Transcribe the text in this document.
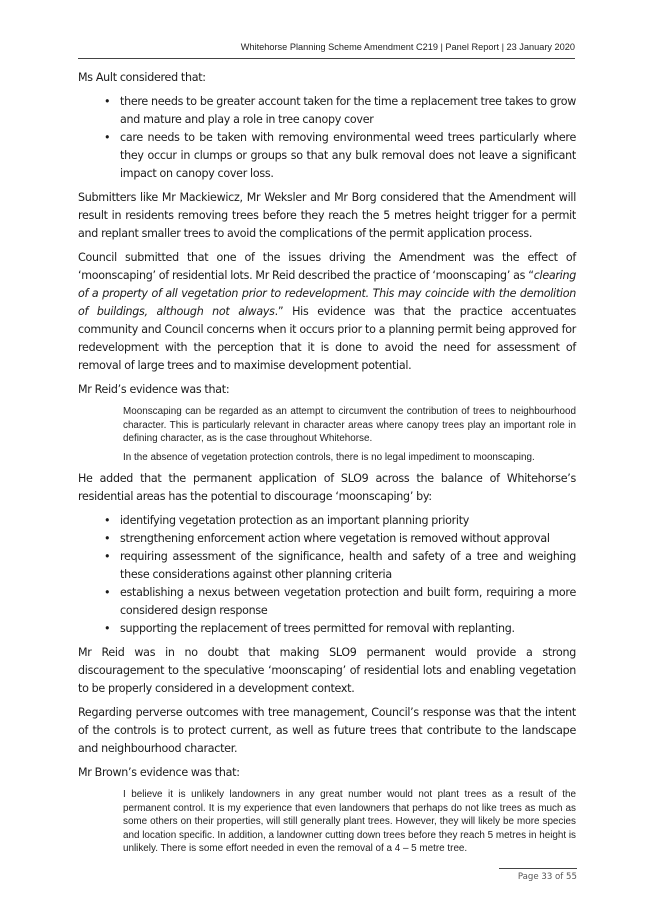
Whitehorse Planning Scheme Amendment C219 | Panel Report | 23 January 2020

Ms Ault considered that:

• there needs to be greater account taken for the time a replacement tree takes to grow and mature and play a role in tree canopy cover
• care needs to be taken with removing environmental weed trees particularly where they occur in clumps or groups so that any bulk removal does not leave a significant impact on canopy cover loss.

Submitters like Mr Mackiewicz, Mr Weksler and Mr Borg considered that the Amendment will result in residents removing trees before they reach the 5 metres height trigger for a permit and replant smaller trees to avoid the complications of the permit application process.

Council submitted that one of the issues driving the Amendment was the effect of ‘moonscaping’ of residential lots. Mr Reid described the practice of ‘moonscaping’ as “clearing of a property of all vegetation prior to redevelopment. This may coincide with the demolition of buildings, although not always.” His evidence was that the practice accentuates community and Council concerns when it occurs prior to a planning permit being approved for redevelopment with the perception that it is done to avoid the need for assessment of removal of large trees and to maximise development potential.

Mr Reid’s evidence was that:

Moonscaping can be regarded as an attempt to circumvent the contribution of trees to neighbourhood character. This is particularly relevant in character areas where canopy trees play an important role in defining character, as is the case throughout Whitehorse.
In the absence of vegetation protection controls, there is no legal impediment to moonscaping.

He added that the permanent application of SLO9 across the balance of Whitehorse’s residential areas has the potential to discourage ‘moonscaping’ by:

• identifying vegetation protection as an important planning priority
• strengthening enforcement action where vegetation is removed without approval
• requiring assessment of the significance, health and safety of a tree and weighing these considerations against other planning criteria
• establishing a nexus between vegetation protection and built form, requiring a more considered design response
• supporting the replacement of trees permitted for removal with replanting.

Mr Reid was in no doubt that making SLO9 permanent would provide a strong discouragement to the speculative ‘moonscaping’ of residential lots and enabling vegetation to be properly considered in a development context.

Regarding perverse outcomes with tree management, Council’s response was that the intent of the controls is to protect current, as well as future trees that contribute to the landscape and neighbourhood character.

Mr Brown’s evidence was that:

I believe it is unlikely landowners in any great number would not plant trees as a result of the permanent control. It is my experience that even landowners that perhaps do not like trees as much as some others on their properties, will still generally plant trees. However, they will likely be more species and location specific. In addition, a landowner cutting down trees before they reach 5 metres in height is unlikely. There is some effort needed in even the removal of a 4 – 5 metre tree.
Page 33 of 55
